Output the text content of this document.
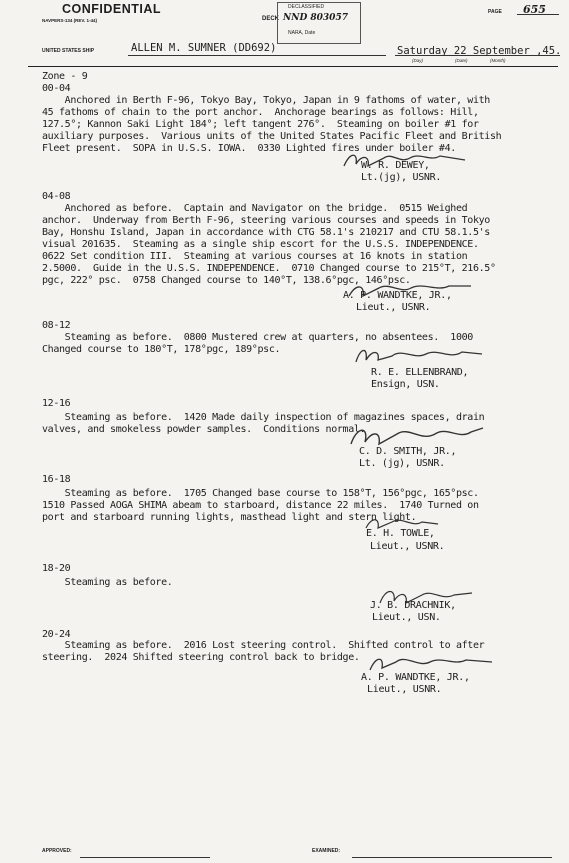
CONFIDENTIAL
NAVPERS-134 (REV. 1-44)	DECK
DECLASSIFIED
NND 803057
NARA, Date
PAGE 655
UNITED STATES SHIP	ALLEN M. SUMNER (DD692)	Saturday 22 September ,45.
(Day)	(Date)	(Month)
Zone - 9
00-04
Anchored in Berth F-96, Tokyo Bay, Tokyo, Japan in 9 fathoms of water, with
45 fathoms of chain to the port anchor.  Anchorage bearings as follows: Hill,
127.5°; Kannon Saki Light 184°; left tangent 276°.  Steaming on boiler #1 for
auxiliary purposes.  Various units of the United States Pacific Fleet and British
Fleet present.  SOPA in U.S.S. IOWA.  0330 Lighted fires under boiler #4.
W. R. DEWEY,
Lt.(jg), USNR.
04-08
Anchored as before.  Captain and Navigator on the bridge.  0515 Weighed
anchor.  Underway from Berth F-96, steering various courses and speeds in Tokyo
Bay, Honshu Island, Japan in accordance with CTG 58.1's 210217 and CTU 58.1.5's
visual 201635.  Steaming as a single ship escort for the U.S.S. INDEPENDENCE.
0622 Set condition III.  Steaming at various courses at 16 knots in station
2.5000.  Guide in the U.S.S. INDEPENDENCE.  0710 Changed course to 215°T, 216.5°
pgc, 222° psc.  0758 Changed course to 140°T, 138.6°pgc, 146°psc.
A. P. WANDTKE, JR.,
Lieut., USNR.
08-12
Steaming as before.  0800 Mustered crew at quarters, no absentees.  1000
Changed course to 180°T, 178°pgc, 189°psc.
R. E. ELLENBRAND,
Ensign, USN.
12-16
Steaming as before.  1420 Made daily inspection of magazines spaces, drain
valves, and smokeless powder samples.  Conditions normal.
C. D. SMITH, JR.,
Lt. (jg), USNR.
16-18
Steaming as before.  1705 Changed base course to 158°T, 156°pgc, 165°psc.
1510 Passed AOGA SHIMA abeam to starboard, distance 22 miles.  1740 Turned on
port and starboard running lights, masthead light and stern light.
E. H. TOWLE,
Lieut., USNR.
18-20
Steaming as before.
J. B. DRACHNIK,
Lieut., USN.
20-24
Steaming as before.  2016 Lost steering control.  Shifted control to after
steering.  2024 Shifted steering control back to bridge.
A. P. WANDTKE, JR.,
Lieut., USNR.
APPROVED:	EXAMINED:
